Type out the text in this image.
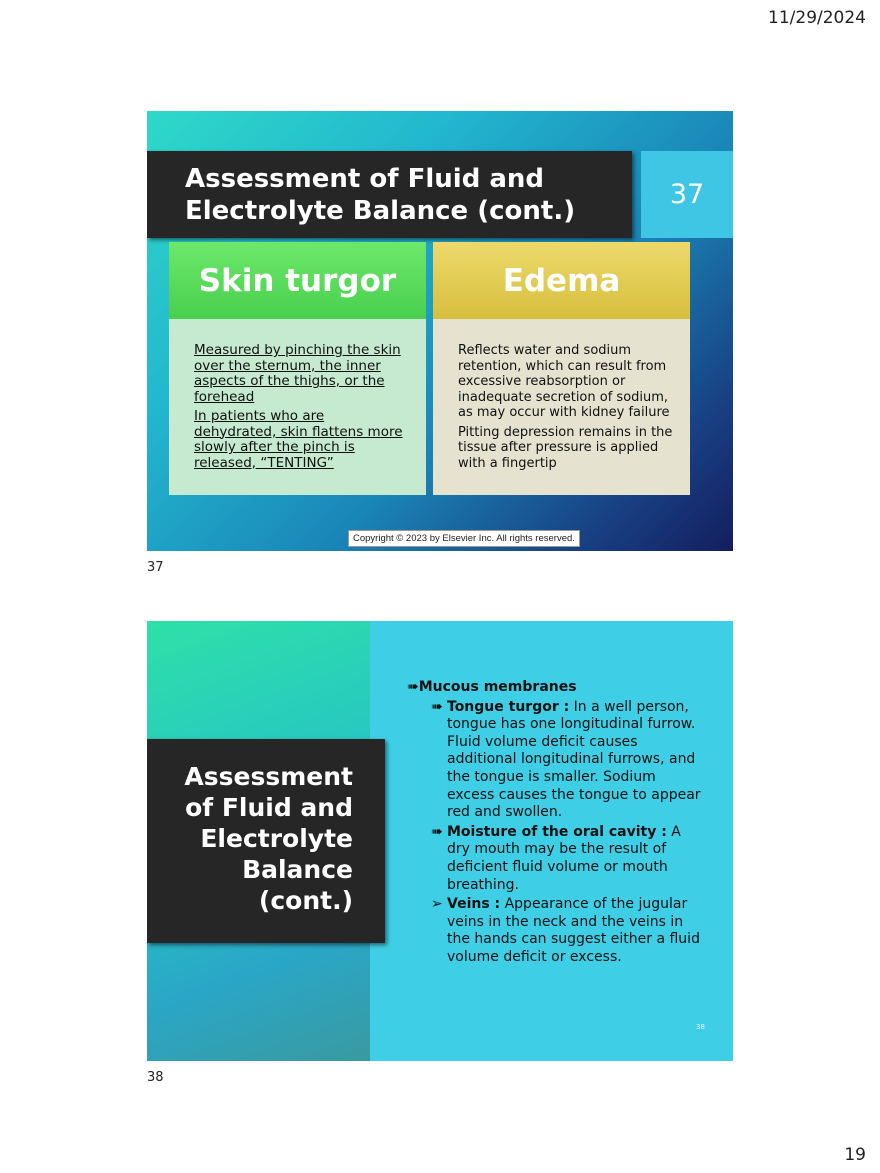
11/29/2024
Assessment of Fluid and Electrolyte Balance (cont.)
37
Skin turgor

Measured by pinching the skin over the sternum, the inner aspects of the thighs, or the forehead

In patients who are dehydrated, skin flattens more slowly after the pinch is released, “TENTING”

Edema

Reflects water and sodium retention, which can result from excessive reabsorption or inadequate secretion of sodium, as may occur with kidney failure

Pitting depression remains in the tissue after pressure is applied with a fingertip

Copyright © 2023 by Elsevier Inc. All rights reserved.
37
Assessment of Fluid and Electrolyte Balance (cont.)
➠Mucous membranes
➠ Tongue turgor : In a well person, tongue has one longitudinal furrow. Fluid volume deficit causes additional longitudinal furrows, and the tongue is smaller. Sodium excess causes the tongue to appear red and swollen.
➠ Moisture of the oral cavity : A dry mouth may be the result of deficient fluid volume or mouth breathing.
➢ Veins : Appearance of the jugular veins in the neck and the veins in the hands can suggest either a fluid volume deficit or excess.
38
38
19
